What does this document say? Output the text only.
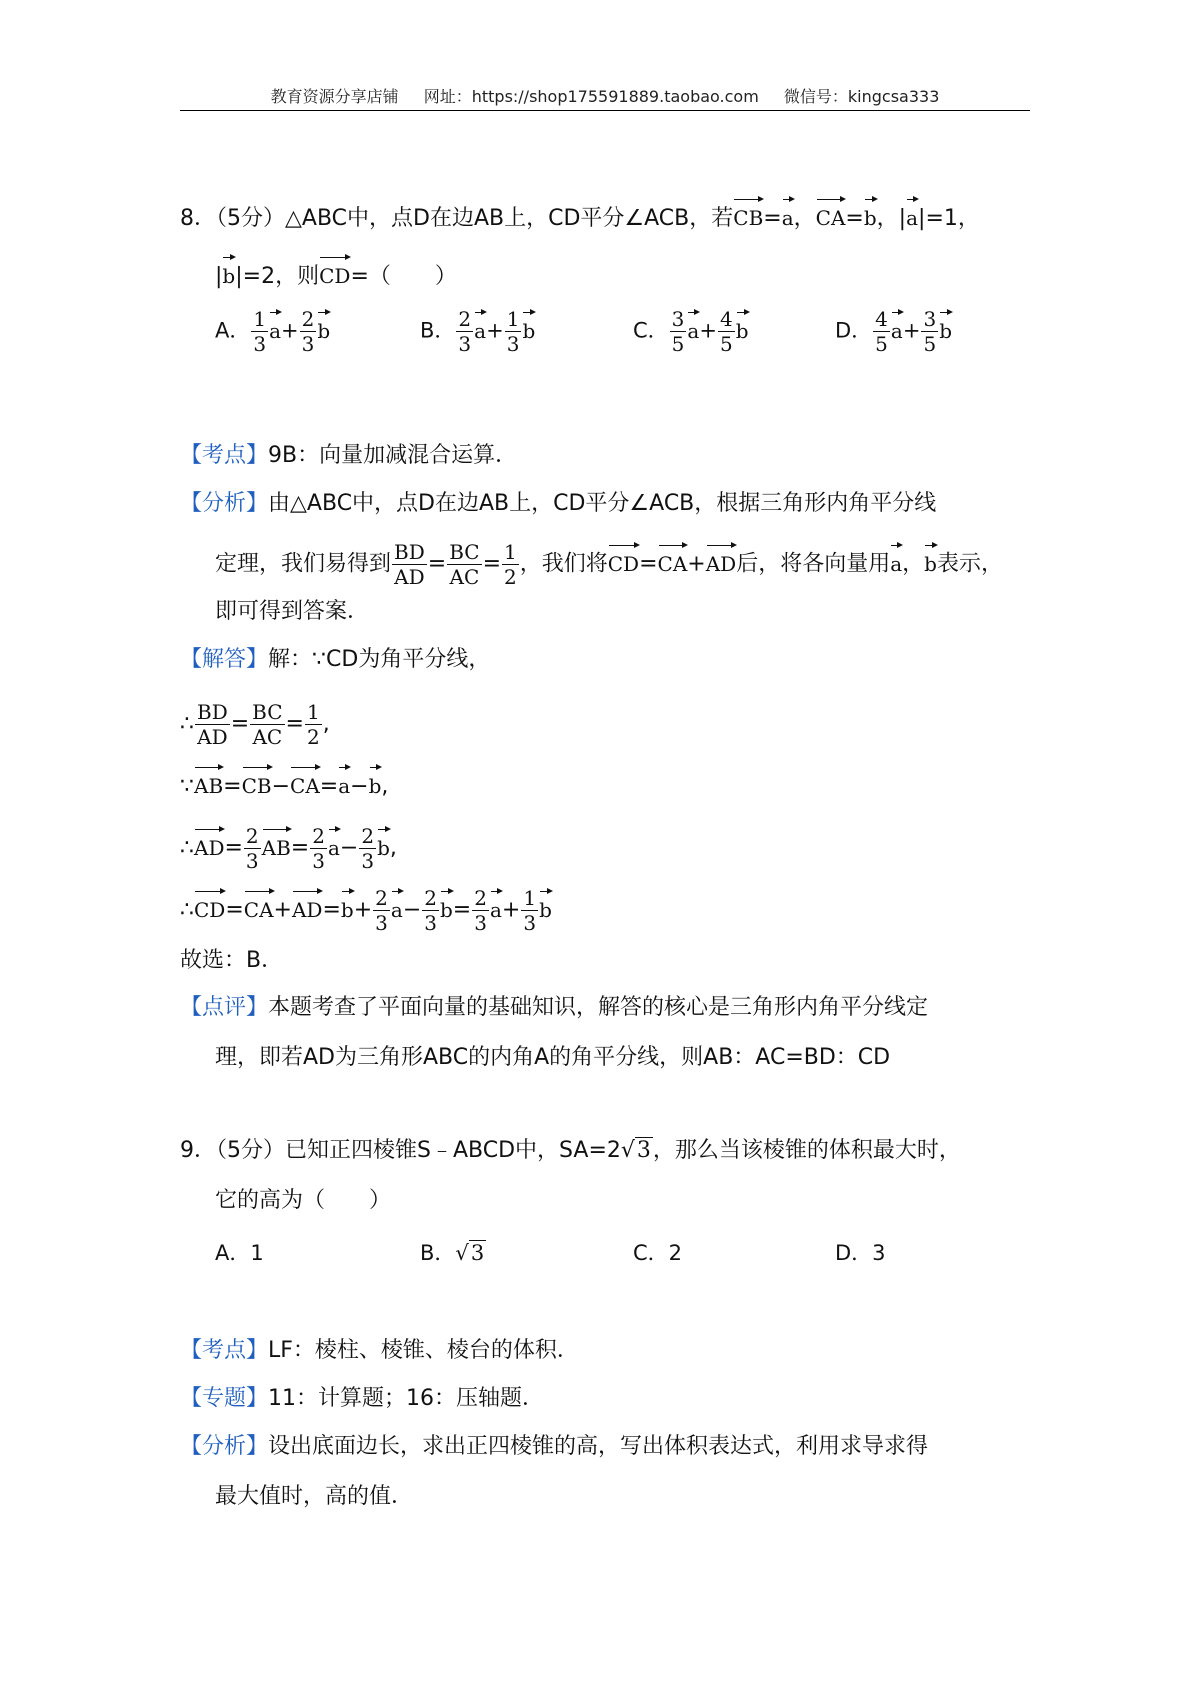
教育资源分享店铺 网址：https://shop175591889.taobao.com 微信号：kingcsa333
8．（5分）△ABC中，点D在边AB上，CD平分∠ACB，若CB=a，CA=b，|a|=1，
|b|=2，则CD=（　　）
A． $\frac{1}{3} a+ \frac{2}{3}$ b	B． $\frac{2}{3} a+ \frac{1}{3}$ b	C． $\frac{3}{5} a+ \frac{4}{5}$ b	D． $\frac{4}{5} a+ \frac{3}{5}$ b
【考点】9B：向量加减混合运算．
【分析】由△ABC中，点D在边AB上，CD平分∠ACB，根据三角形内角平分线
定理，我们易得到 $\frac{BD}{AD} = \frac{BC}{AC} = \frac{1}{2}$ ，我们将CD=CA+AD后，将各向量用a，b表示，
即可得到答案．
【解答】解：∵CD为角平分线，
∴ $\frac{BD}{AD} = \frac{BC}{AC} = \frac{1}{2}$ ,
∵AB=CB−CA=a−b,
∴AD= $\frac{2}{3} AB= \frac{2}{3} a- \frac{2}{3} b$,
∴CD=CA+AD=b+ $\frac{2}{3} a- \frac{2}{3} b= \frac{2}{3} a+ \frac{1}{3}$ b
故选：B．
【点评】本题考查了平面向量的基础知识，解答的核心是三角形内角平分线定
理，即若AD为三角形ABC的内角A的角平分线，则AB：AC=BD：CD
9．（5分）已知正四棱锥S﹣ABCD中，SA=2√3，那么当该棱锥的体积最大时，
它的高为（　　）
A．1	B．√3	C．2	D．3
【考点】LF：棱柱、棱锥、棱台的体积．
【专题】11：计算题；16：压轴题．
【分析】设出底面边长，求出正四棱锥的高，写出体积表达式，利用求导求得
最大值时，高的值．
